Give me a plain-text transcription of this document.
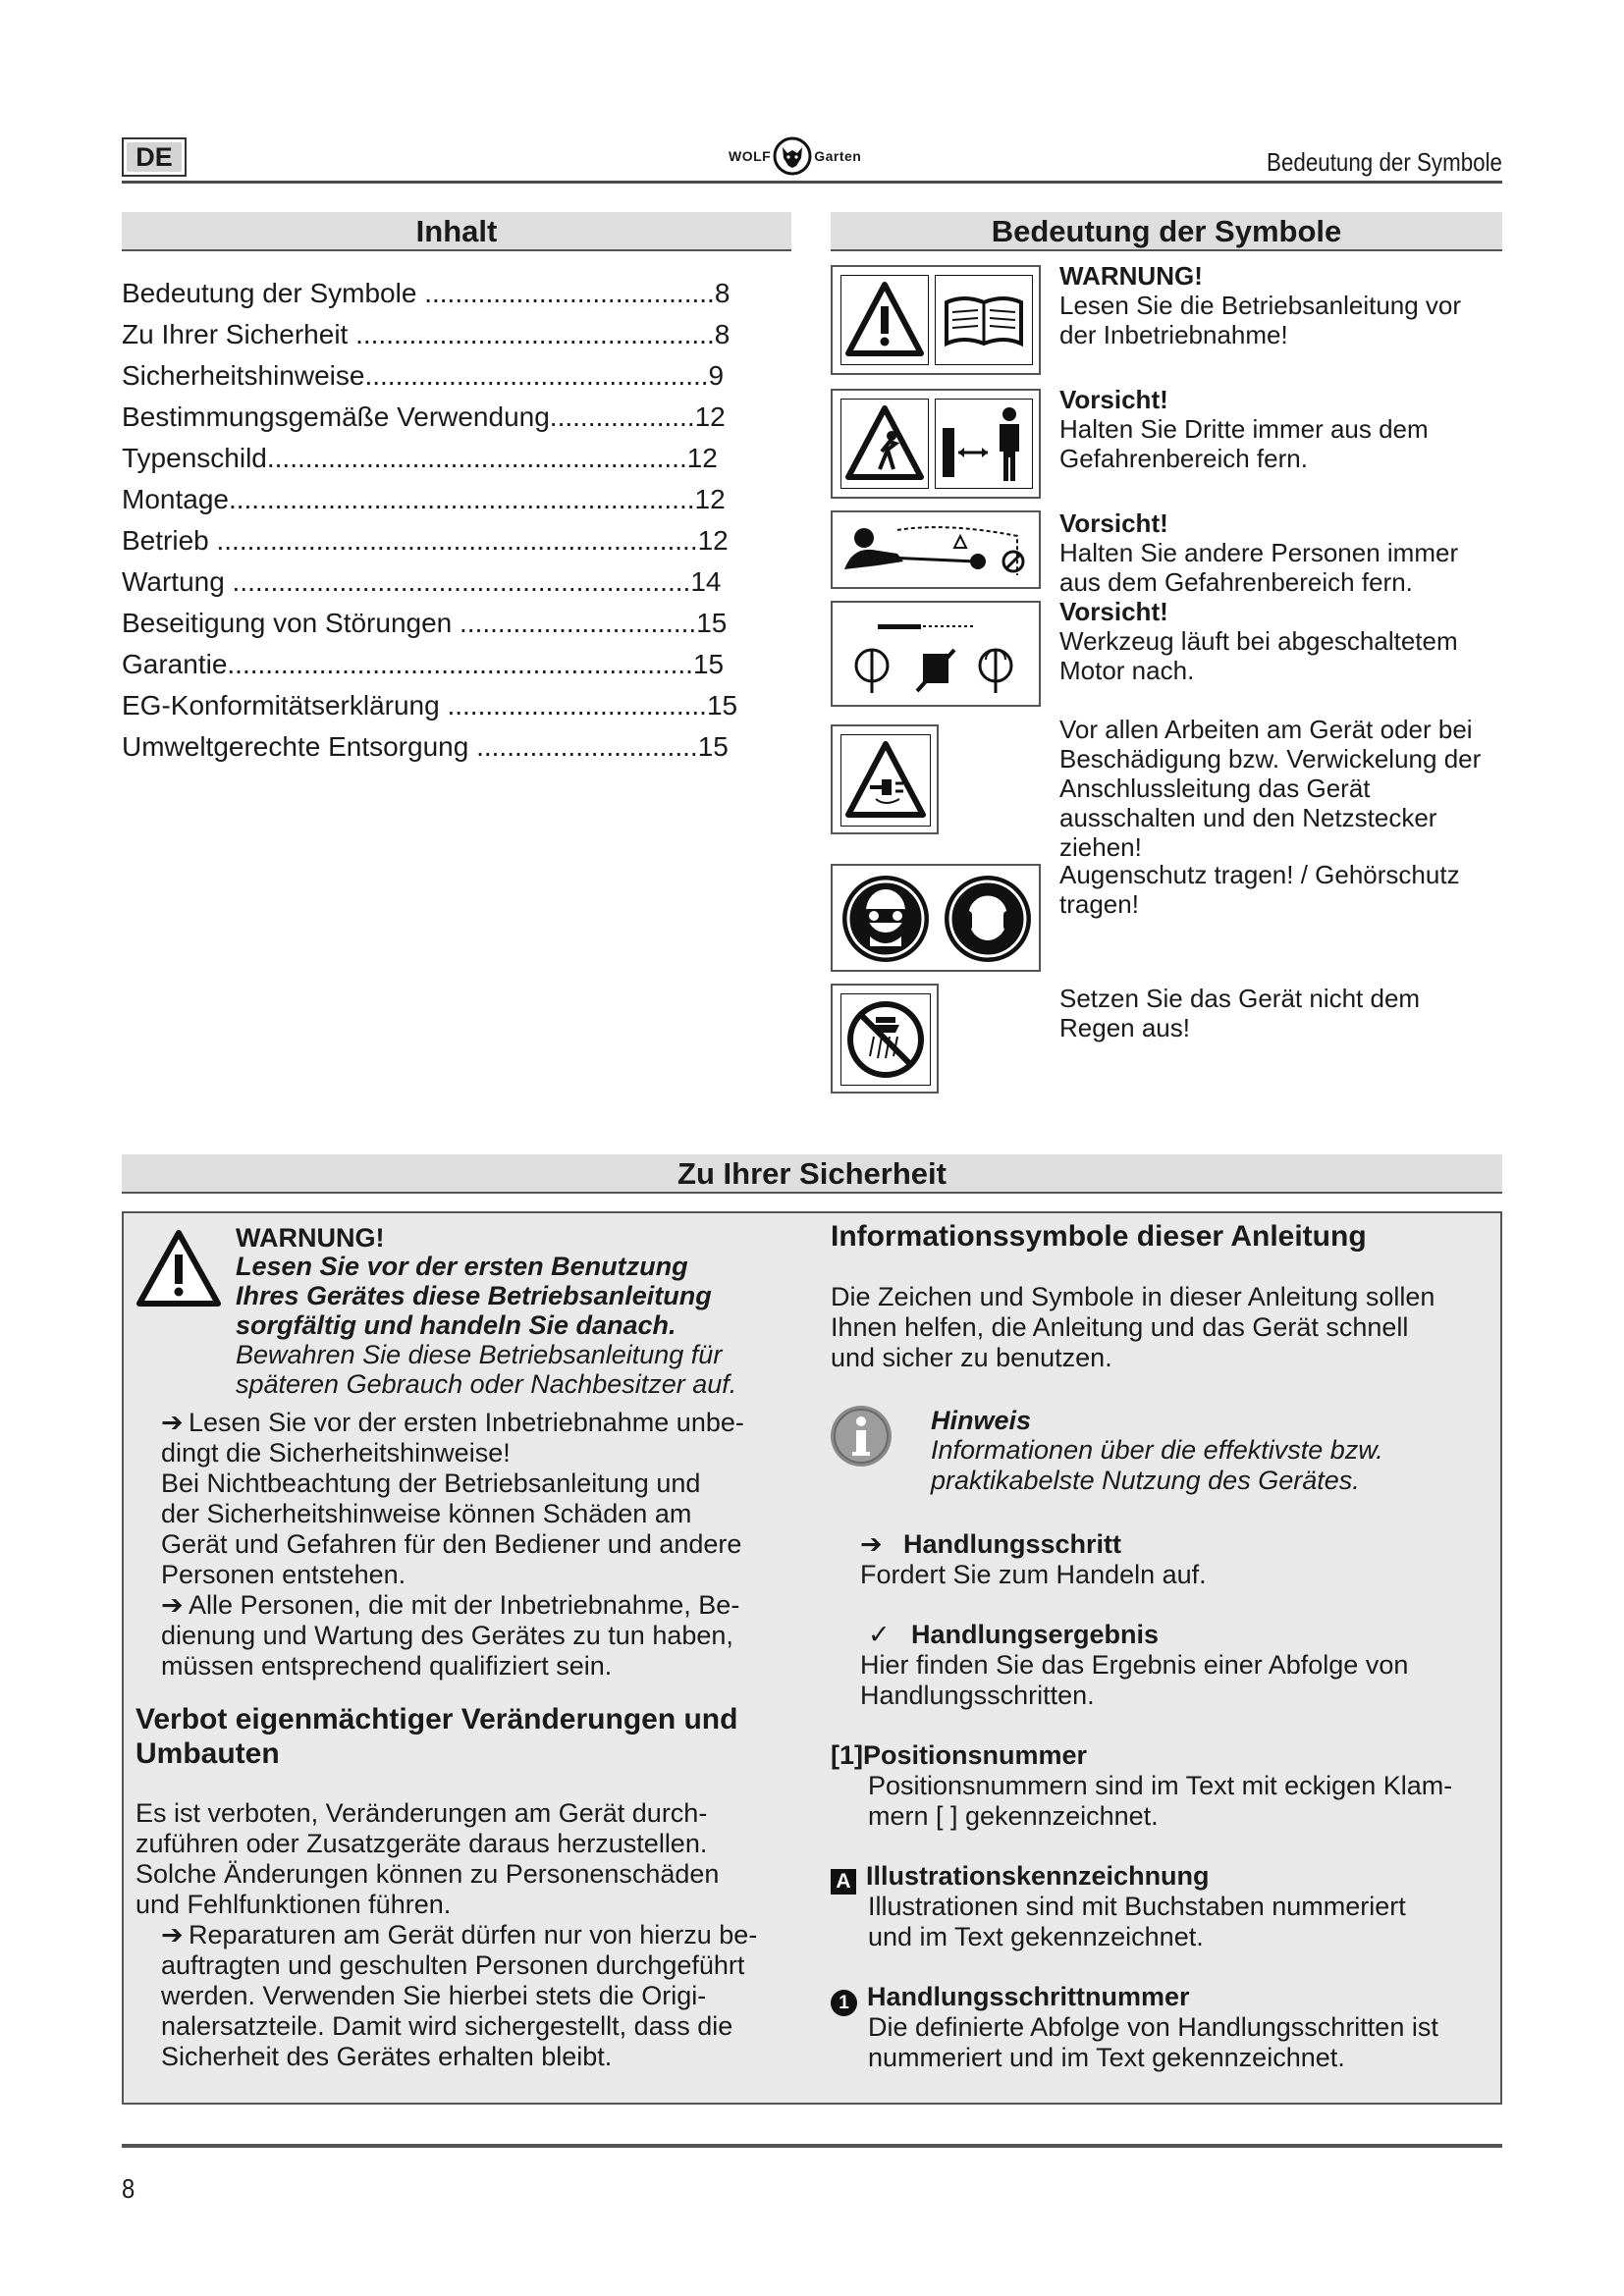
DE	WOLF	Garten	Bedeutung der Symbole
Inhalt
Bedeutung der Symbole ......................................8
Zu Ihrer Sicherheit ...............................................8
Sicherheitshinweise.............................................9
Bestimmungsgemäße Verwendung...................12
Typenschild.......................................................12
Montage.............................................................12
Betrieb ...............................................................12
Wartung ............................................................14
Beseitigung von Störungen ...............................15
Garantie.............................................................15
EG-Konformitätserklärung ..................................15
Umweltgerechte Entsorgung .............................15
Bedeutung der Symbole
WARNUNG!
Lesen Sie die Betriebsanleitung vor der Inbetriebnahme!
Vorsicht!
Halten Sie Dritte immer aus dem Gefahrenbereich fern.
Vorsicht!
Halten Sie andere Personen immer aus dem Gefahrenbereich fern.
Vorsicht!
Werkzeug läuft bei abgeschaltetem Motor nach.
Vor allen Arbeiten am Gerät oder bei Beschädigung bzw. Verwickelung der Anschlussleitung das Gerät ausschalten und den Netzstecker ziehen!
Augenschutz tragen! / Gehörschutz tragen!
Setzen Sie das Gerät nicht dem Regen aus!
Zu Ihrer Sicherheit
WARNUNG!
Lesen Sie vor der ersten Benutzung
Ihres Gerätes diese Betriebsanleitung
sorgfältig und handeln Sie danach.
Bewahren Sie diese Betriebsanleitung für
späteren Gebrauch oder Nachbesitzer auf.
➔ Lesen Sie vor der ersten Inbetriebnahme unbe-
dingt die Sicherheitshinweise!
Bei Nichtbeachtung der Betriebsanleitung und
der Sicherheitshinweise können Schäden am
Gerät und Gefahren für den Bediener und andere
Personen entstehen.
➔ Alle Personen, die mit der Inbetriebnahme, Be-
dienung und Wartung des Gerätes zu tun haben,
müssen entsprechend qualifiziert sein.
Verbot eigenmächtiger Veränderungen und
Umbauten
Es ist verboten, Veränderungen am Gerät durch-
zuführen oder Zusatzgeräte daraus herzustellen.
Solche Änderungen können zu Personenschäden
und Fehlfunktionen führen.
➔ Reparaturen am Gerät dürfen nur von hierzu be-
auftragten und geschulten Personen durchgeführt
werden. Verwenden Sie hierbei stets die Origi-
nalersatzteile. Damit wird sichergestellt, dass die
Sicherheit des Gerätes erhalten bleibt.
Informationssymbole dieser Anleitung
Die Zeichen und Symbole in dieser Anleitung sollen
Ihnen helfen, die Anleitung und das Gerät schnell
und sicher zu benutzen.
Hinweis
Informationen über die effektivste bzw.
praktikabelste Nutzung des Gerätes.
➔ Handlungsschritt
Fordert Sie zum Handeln auf.
✓ Handlungsergebnis
Hier finden Sie das Ergebnis einer Abfolge von
Handlungsschritten.
[1]Positionsnummer
Positionsnummern sind im Text mit eckigen Klam-
mern [ ] gekennzeichnet.
A Illustrationskennzeichnung
Illustrationen sind mit Buchstaben nummeriert
und im Text gekennzeichnet.
1 Handlungsschrittnummer
Die definierte Abfolge von Handlungsschritten ist
nummeriert und im Text gekennzeichnet.
8
